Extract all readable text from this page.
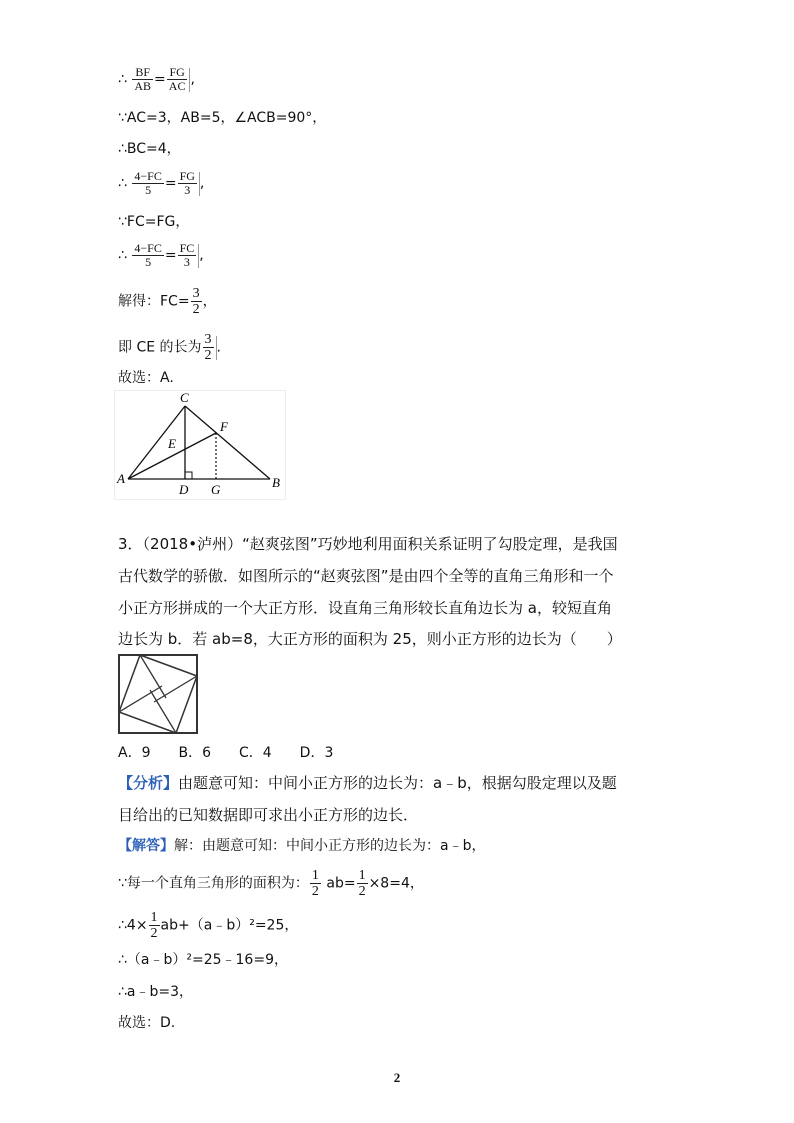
∴ $\frac{BF}{AB} = \frac{FG}{AC}$ ,
∵AC=3，AB=5，∠ACB=90°，
∴BC=4，
∴ $\frac{4-FC}{5} = \frac{FG}{3}$ ,
∵FC=FG，
∴ $\frac{4-FC}{5} = \frac{FC}{3}$ ,
解得：$FC= \frac{3}{2}$ ，
即 CE 的长为 $\frac{3}{2}$ .
故选：A.
C
E
F
A
D G	B
3．（2018•泸州）“赵爽弦图”巧妙地利用面积关系证明了勾股定理，是我国
古代数学的骄傲．如图所示的“赵爽弦图”是由四个全等的直角三角形和一个
小正方形拼成的一个大正方形．设直角三角形较长直角边长为 a，较短直角
边长为 b．若 ab=8，大正方形的面积为 25，则小正方形的边长为（　　）
A．9　　B．6　　C．4　　D．3
【分析】由题意可知：中间小正方形的边长为：a﹣b，根据勾股定理以及题
目给出的已知数据即可求出小正方形的边长．
【解答】解：由题意可知：中间小正方形的边长为：a﹣b，
∵每一个直角三角形的面积为： $\frac{1}{2} ab= \frac{1}{2} \times 8=4$，
∴4× $\frac{1}{2}$ ab+（a﹣b）²=25，
∴（a﹣b）²=25﹣16=9，
∴a﹣b=3，
故选：D.
2
